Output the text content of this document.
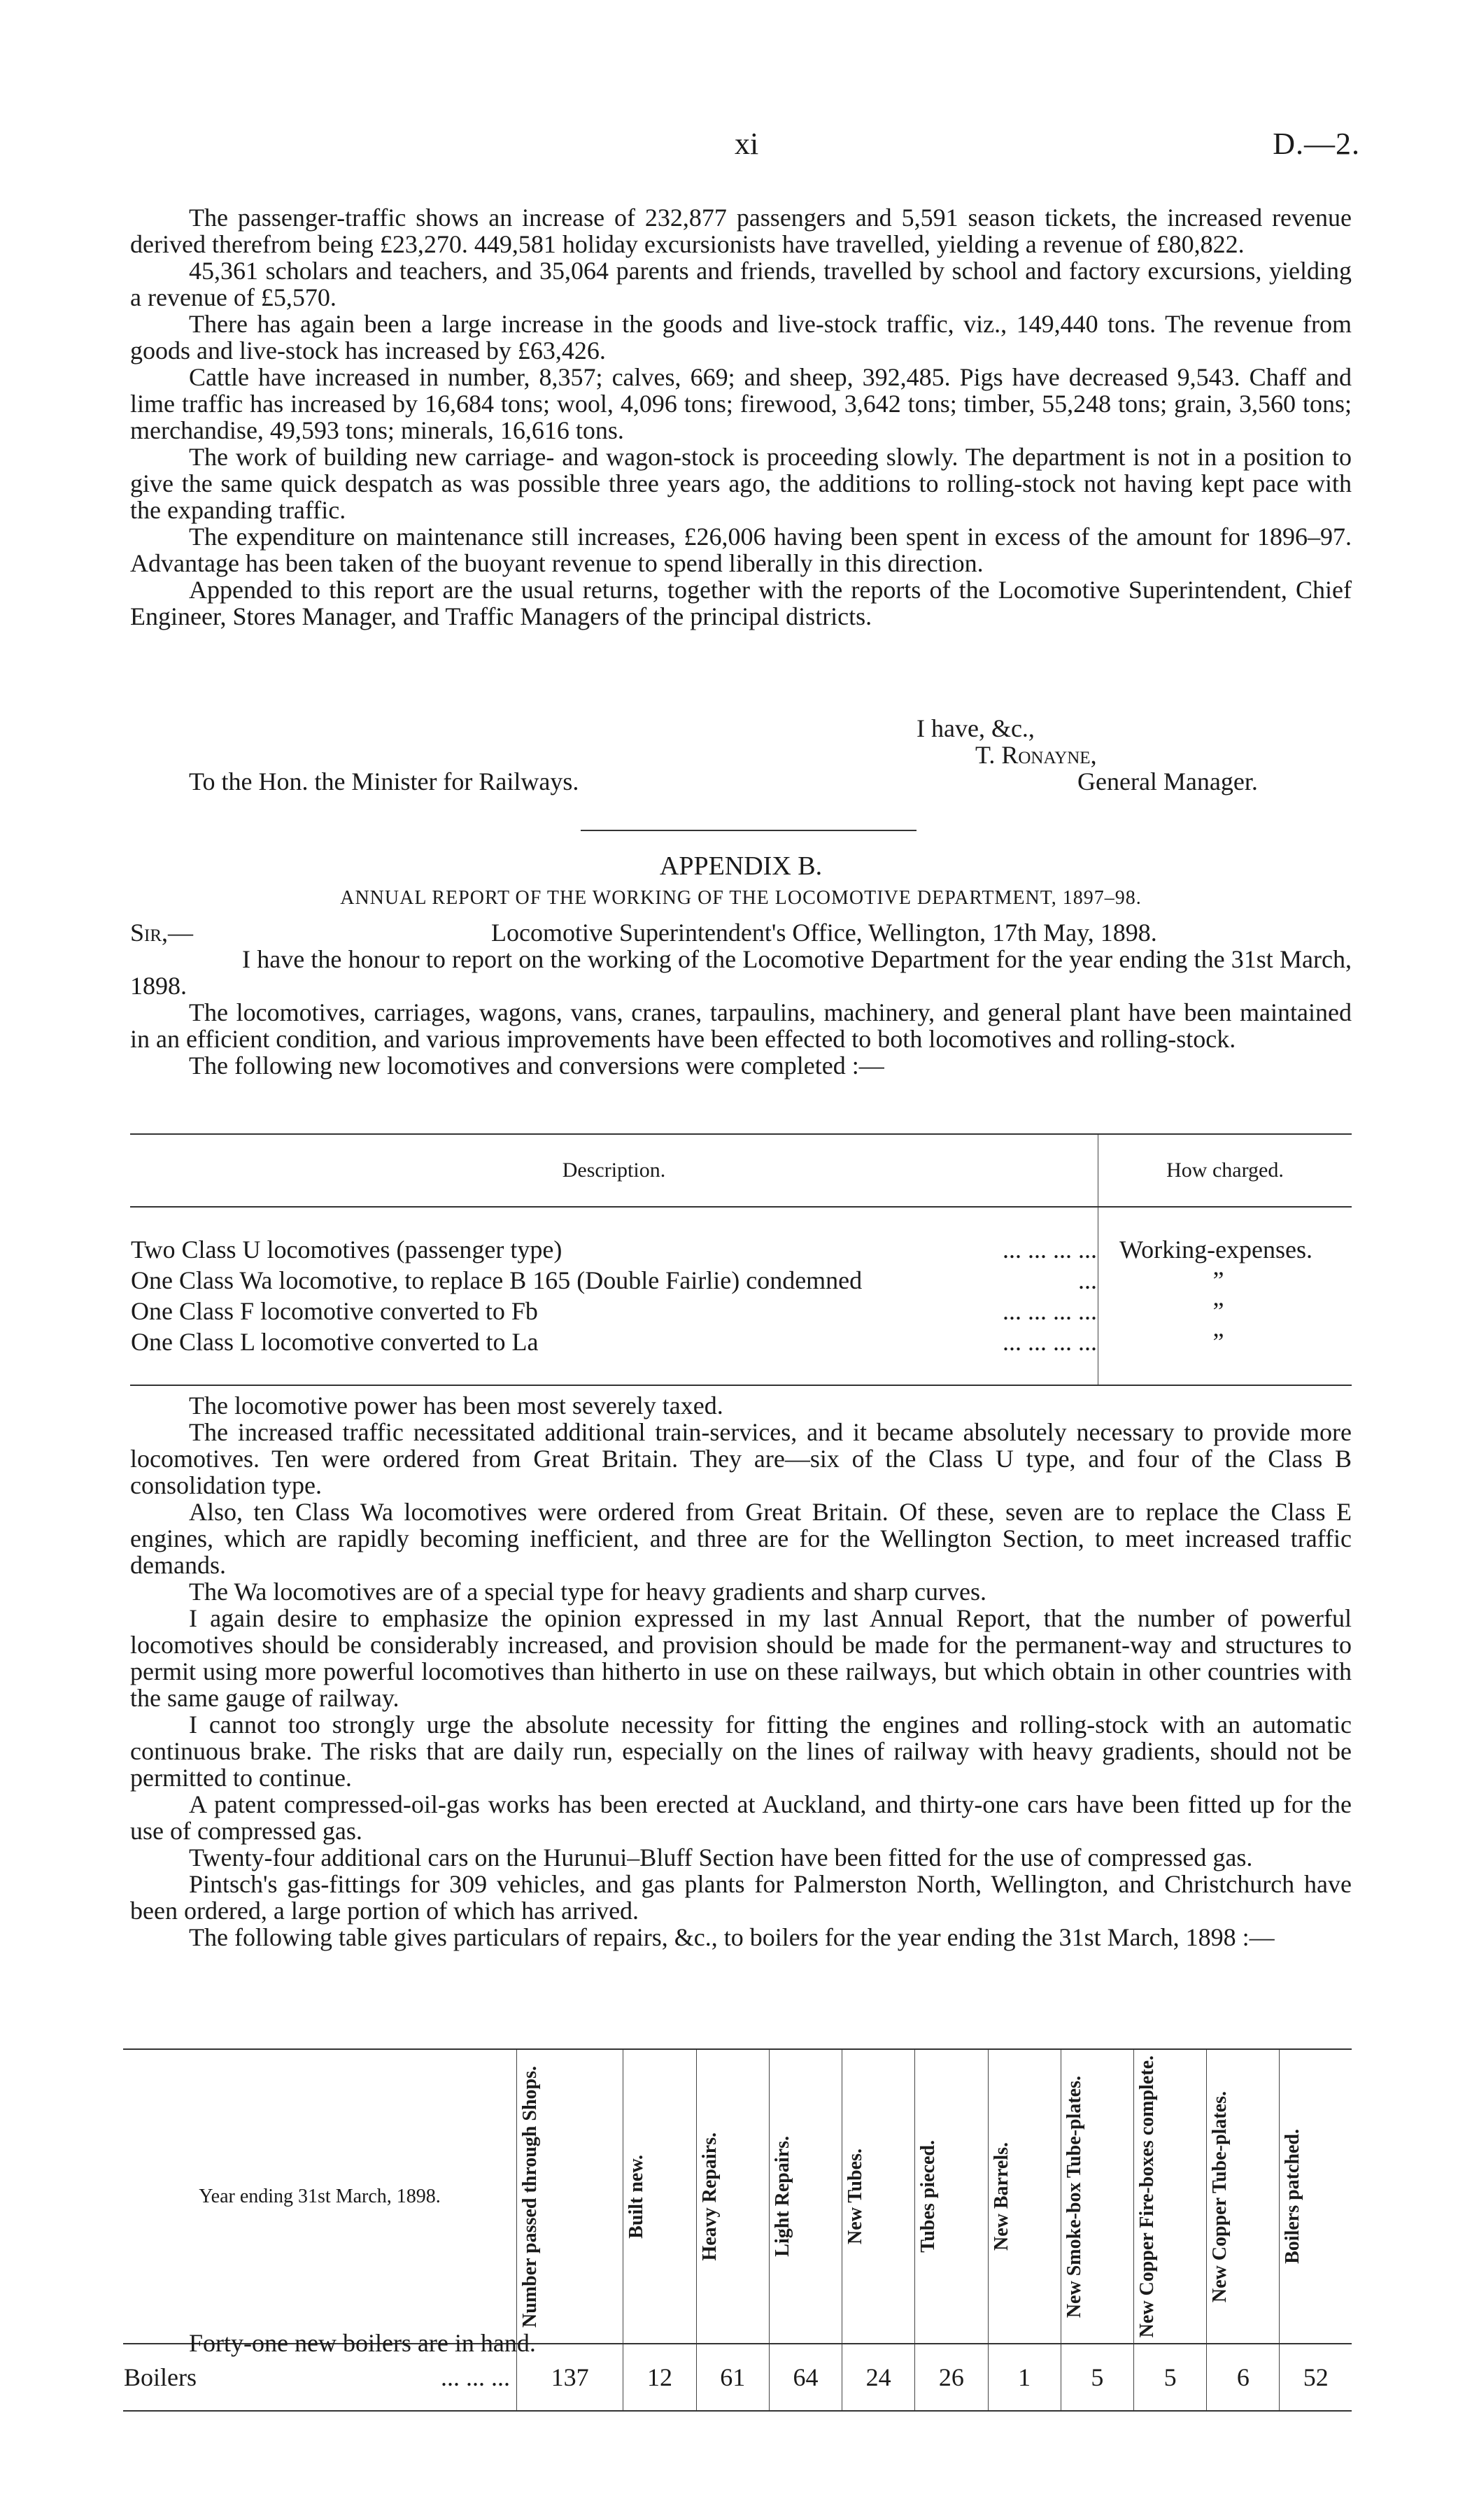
xi	D.—2.

The passenger-traffic shows an increase of 232,877 passengers and 5,591 season tickets, the increased revenue derived therefrom being £23,270. 449,581 holiday excursionists have travelled, yielding a revenue of £80,822.

45,361 scholars and teachers, and 35,064 parents and friends, travelled by school and factory excursions, yielding a revenue of £5,570.

There has again been a large increase in the goods and live-stock traffic, viz., 149,440 tons. The revenue from goods and live-stock has increased by £63,426.

Cattle have increased in number, 8,357; calves, 669; and sheep, 392,485. Pigs have decreased 9,543. Chaff and lime traffic has increased by 16,684 tons; wool, 4,096 tons; firewood, 3,642 tons; timber, 55,248 tons; grain, 3,560 tons; merchandise, 49,593 tons; minerals, 16,616 tons.

The work of building new carriage- and wagon-stock is proceeding slowly. The department is not in a position to give the same quick despatch as was possible three years ago, the additions to rolling-stock not having kept pace with the expanding traffic.

The expenditure on maintenance still increases, £26,006 having been spent in excess of the amount for 1896–97. Advantage has been taken of the buoyant revenue to spend liberally in this direction.

Appended to this report are the usual returns, together with the reports of the Locomotive Superintendent, Chief Engineer, Stores Manager, and Traffic Managers of the principal districts.

I have, &c.,
T. Ronayne,
To the Hon. the Minister for Railways.	General Manager.
APPENDIX B.
ANNUAL REPORT OF THE WORKING OF THE LOCOMOTIVE DEPARTMENT, 1897–98.
Sir,—	Locomotive Superintendent's Office, Wellington, 17th May, 1898.

I have the honour to report on the working of the Locomotive Department for the year ending the 31st March, 1898.

The locomotives, carriages, wagons, vans, cranes, tarpaulins, machinery, and general plant have been maintained in an efficient condition, and various improvements have been effected to both locomotives and rolling-stock.

The following new locomotives and conversions were completed :—

Description.	How charged.

Two Class U locomotives (passenger type) ... ... ... ...	Working-expenses.
One Class Wa locomotive, to replace B 165 (Double Fairlie) condemned ...	”
One Class F locomotive converted to Fb ... ... ... ...	”
One Class L locomotive converted to La ... ... ... ...	”

The locomotive power has been most severely taxed.

The increased traffic necessitated additional train-services, and it became absolutely necessary to provide more locomotives. Ten were ordered from Great Britain. They are—six of the Class U type, and four of the Class B consolidation type.

Also, ten Class Wa locomotives were ordered from Great Britain. Of these, seven are to replace the Class E engines, which are rapidly becoming inefficient, and three are for the Wellington Section, to meet increased traffic demands.

The Wa locomotives are of a special type for heavy gradients and sharp curves.

I again desire to emphasize the opinion expressed in my last Annual Report, that the number of powerful locomotives should be considerably increased, and provision should be made for the permanent-way and structures to permit using more powerful locomotives than hitherto in use on these railways, but which obtain in other countries with the same gauge of railway.

I cannot too strongly urge the absolute necessity for fitting the engines and rolling-stock with an automatic continuous brake. The risks that are daily run, especially on the lines of railway with heavy gradients, should not be permitted to continue.

A patent compressed-oil-gas works has been erected at Auckland, and thirty-one cars have been fitted up for the use of compressed gas.

Twenty-four additional cars on the Hurunui–Bluff Section have been fitted for the use of compressed gas.

Pintsch's gas-fittings for 309 vehicles, and gas plants for Palmerston North, Wellington, and Christchurch have been ordered, a large portion of which has arrived.

The following table gives particulars of repairs, &c., to boilers for the year ending the 31st March, 1898 :—

Year ending 31st March, 1898.	Number passed through Shops.	Built new.	Heavy Repairs.	Light Repairs.	New Tubes.	Tubes pieced.	New Barrels.	New Smoke-box Tube-plates.	New Copper Fire-boxes complete.	New Copper Tube-plates.	Boilers patched.

Boilers ... ... ...	137	12	61	64	24	26	1	5	5	6	52

Forty-one new boilers are in hand.
